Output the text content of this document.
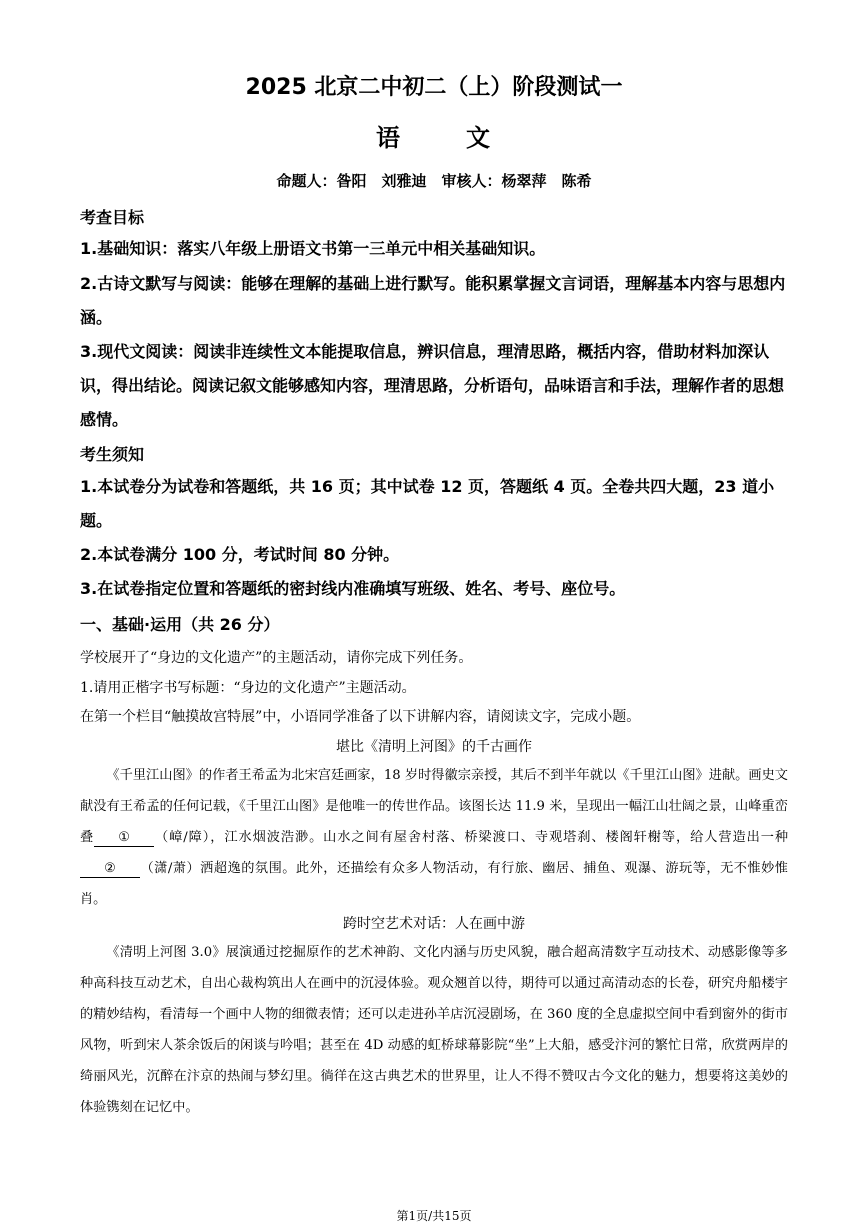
2025 北京二中初二（上）阶段测试一
语	文
命题人：昝阳　刘雅迪　审核人：杨翠萍　陈希
考查目标
1.基础知识：落实八年级上册语文书第一三单元中相关基础知识。
2.古诗文默写与阅读：能够在理解的基础上进行默写。能积累掌握文言词语，理解基本内容与思想内涵。
3.现代文阅读：阅读非连续性文本能提取信息，辨识信息，理清思路，概括内容，借助材料加深认识，得出结论。阅读记叙文能够感知内容，理清思路，分析语句，品味语言和手法，理解作者的思想感情。
考生须知
1.本试卷分为试卷和答题纸，共 16 页；其中试卷 12 页，答题纸 4 页。全卷共四大题，23 道小题。
2.本试卷满分 100 分，考试时间 80 分钟。
3.在试卷指定位置和答题纸的密封线内准确填写班级、姓名、考号、座位号。
一、基础·运用（共 26 分）
学校展开了“身边的文化遗产”的主题活动，请你完成下列任务。
1.请用正楷字书写标题：“身边的文化遗产”主题活动。
在第一个栏目“触摸故宫特展”中，小语同学准备了以下讲解内容，请阅读文字，完成小题。
堪比《清明上河图》的千古画作
《千里江山图》的作者王希孟为北宋宫廷画家，18 岁时得徽宗亲授，其后不到半年就以《千里江山图》进献。画史文献没有王希孟的任何记载，《千里江山图》是他唯一的传世作品。该图长达 11.9 米，呈现出一幅江山壮阔之景，山峰重峦叠 ① （嶂/障），江水烟波浩渺。山水之间有屋舍村落、桥梁渡口、寺观塔刹、楼阁轩榭等，给人营造出一种② （潇/萧）洒超逸的氛围。此外，还描绘有众多人物活动，有行旅、幽居、捕鱼、观瀑、游玩等，无不惟妙惟肖。
跨时空艺术对话：人在画中游
《清明上河图 3.0》展演通过挖掘原作的艺术神韵、文化内涵与历史风貌，融合超高清数字互动技术、动感影像等多种高科技互动艺术，自出心裁构筑出人在画中的沉浸体验。观众翘首以待，期待可以通过高清动态的长卷，研究舟船楼宇的精妙结构，看清每一个画中人物的细微表情；还可以走进孙羊店沉浸剧场，在 360 度的全息虚拟空间中看到窗外的街市风物，听到宋人茶余饭后的闲谈与吟唱；甚至在 4D 动感的虹桥球幕影院“坐”上大船，感受汴河的繁忙日常，欣赏两岸的绮丽风光，沉醉在汴京的热闹与梦幻里。徜徉在这古典艺术的世界里，让人不得不赞叹古今文化的魅力，想要将这美妙的体验镌刻在记忆中。
第1页/共15页
